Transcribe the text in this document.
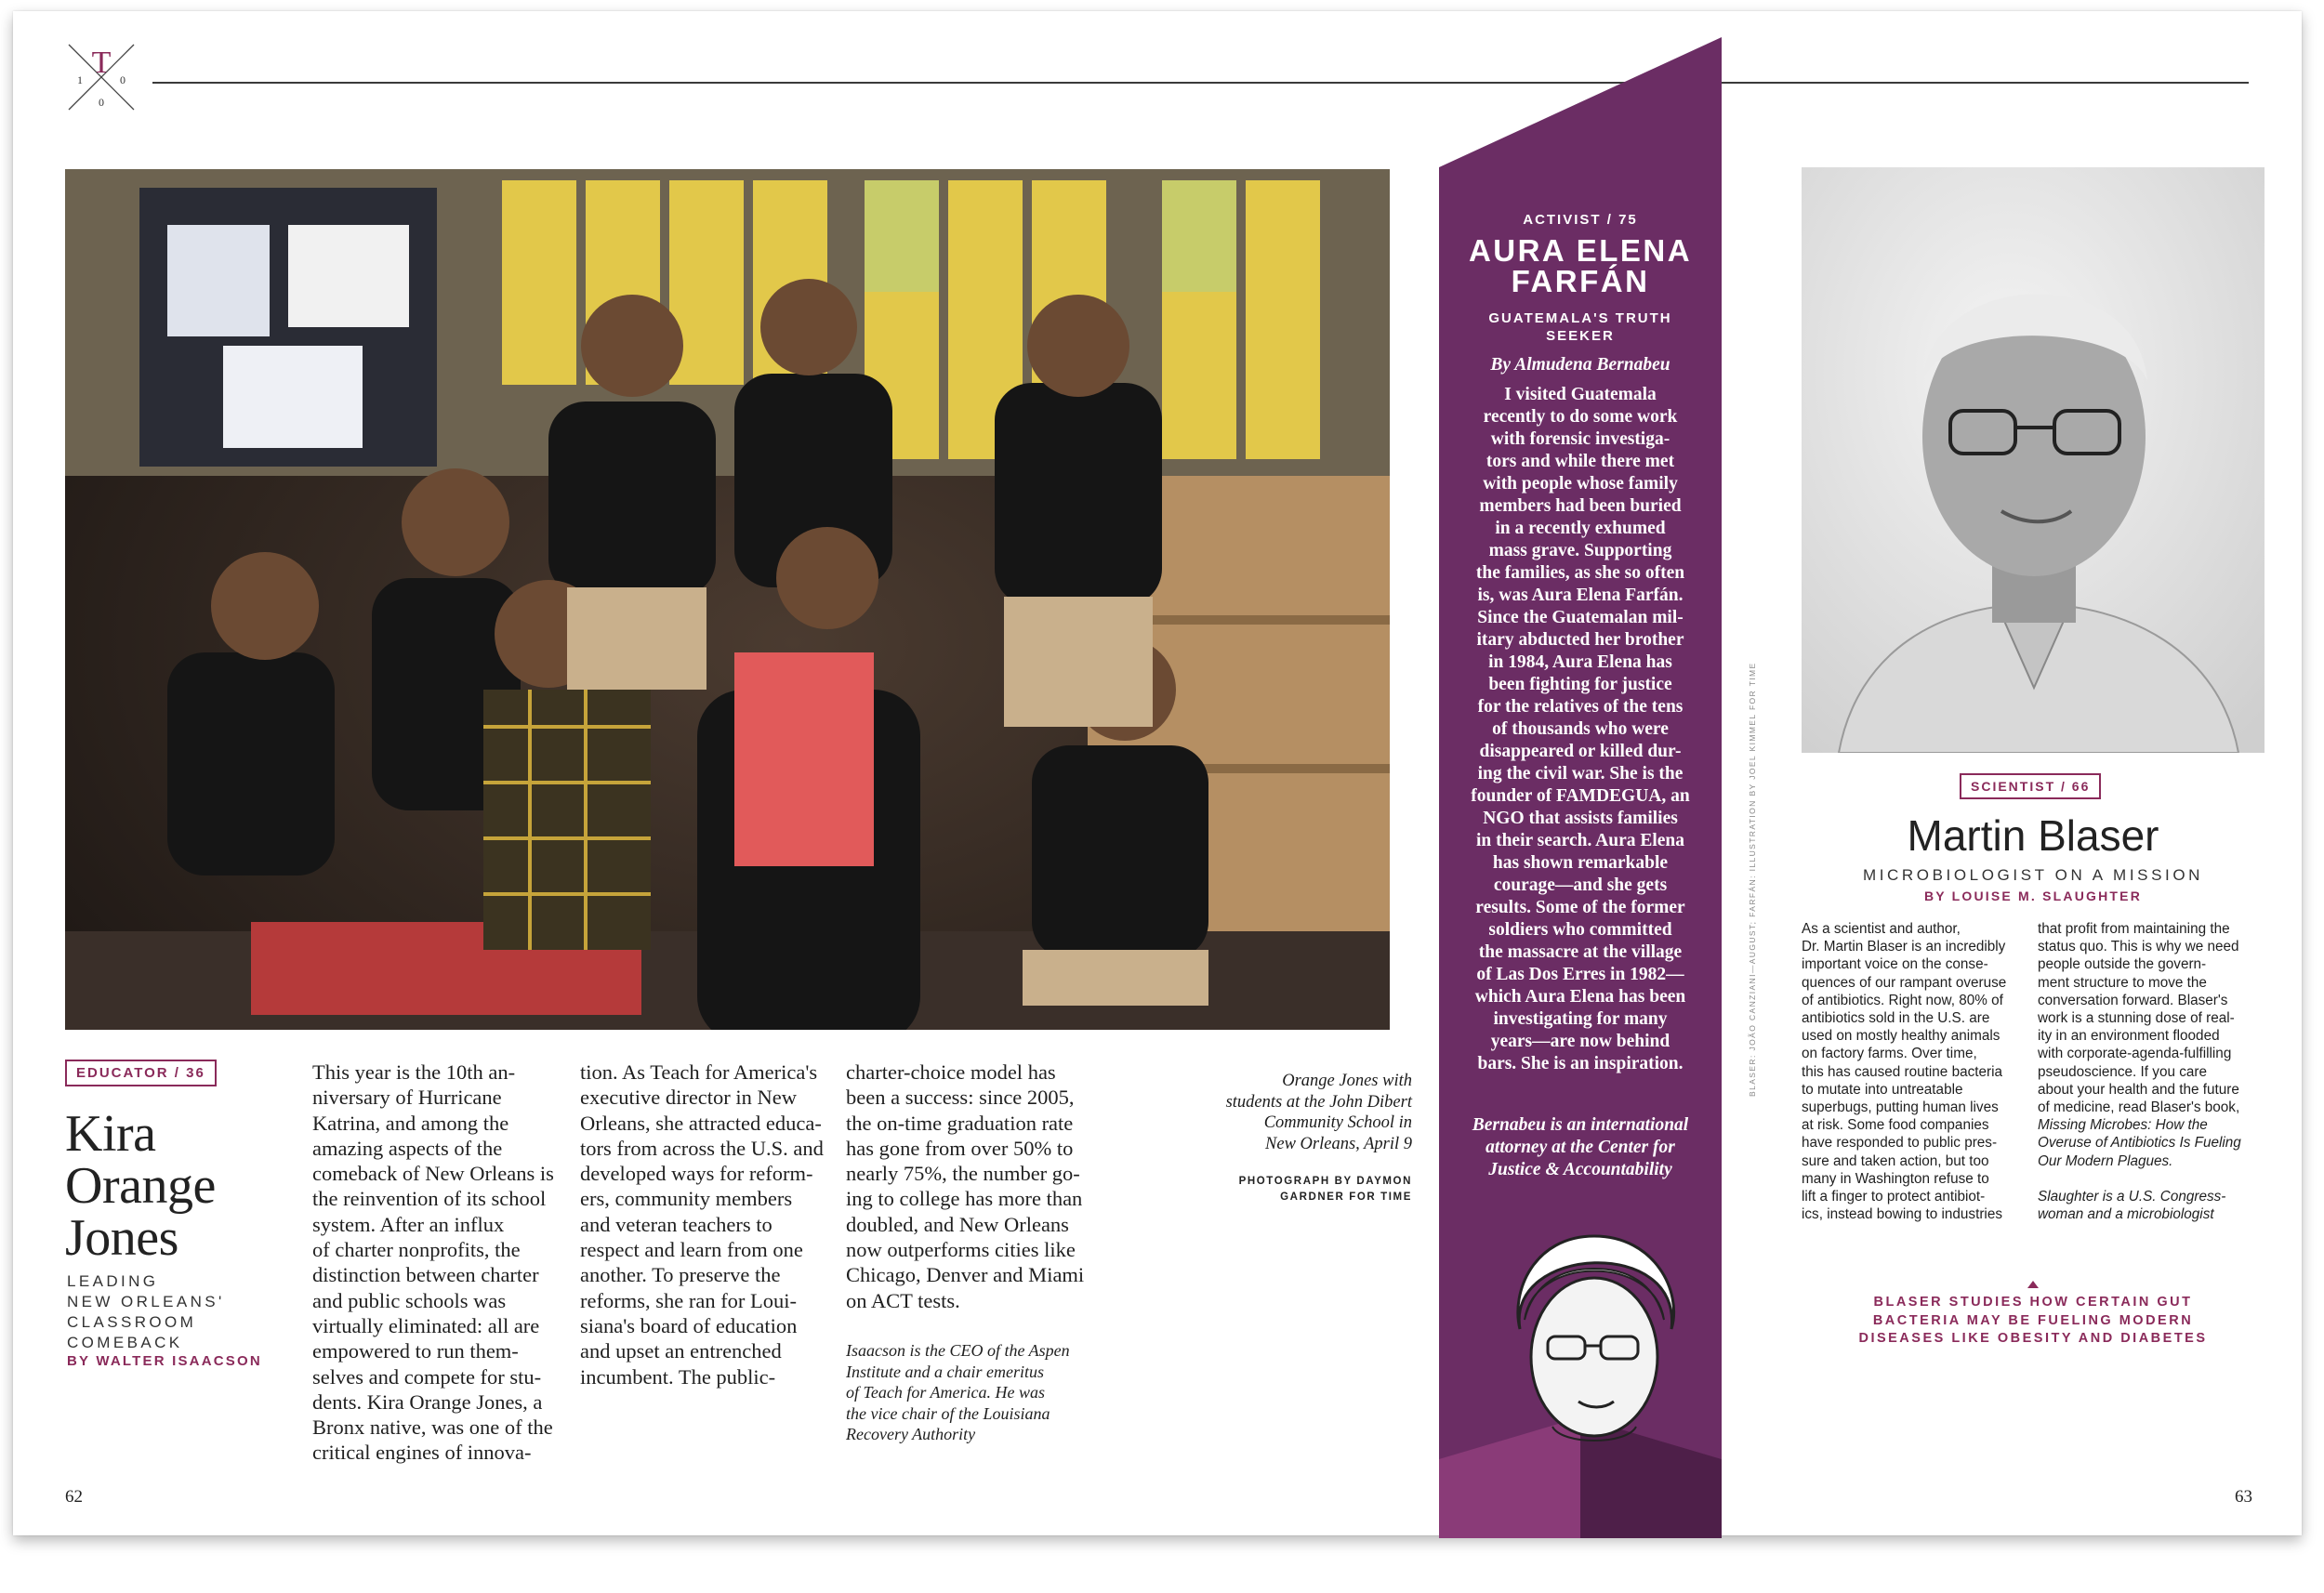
T
1	0
0
EDUCATOR / 36
Kira
Orange
Jones
LEADING
NEW ORLEANS'
CLASSROOM
COMEBACK
BY WALTER ISAACSON

This year is the 10th an-

niversary of Hurricane

Katrina, and among the

amazing aspects of the

comeback of New Orleans is

the reinvention of its school

system. After an influx

of charter nonprofits, the

distinction between charter

and public schools was

virtually eliminated: all are

empowered to run them-

selves and compete for stu-

dents. Kira Orange Jones, a

Bronx native, was one of the

critical engines of innova-

tion. As Teach for America's

executive director in New

Orleans, she attracted educa-

tors from across the U.S. and

developed ways for reform-

ers, community members

and veteran teachers to

respect and learn from one

another. To preserve the

reforms, she ran for Loui-

siana's board of education

and upset an entrenched

incumbent. The public-

charter-choice model has

been a success: since 2005,

the on-time graduation rate

has gone from over 50% to

nearly 75%, the number go-

ing to college has more than

doubled, and New Orleans

now outperforms cities like

Chicago, Denver and Miami

on ACT tests.

Isaacson is the CEO of the Aspen

Institute and a chair emeritus

of Teach for America. He was

the vice chair of the Louisiana

Recovery Authority

Orange Jones with
students at the John Dibert
Community School in
New Orleans, April 9
PHOTOGRAPH BY DAYMON
GARDNER FOR TIME
62
SCIENTIST / 66
Martin Blaser
MICROBIOLOGIST ON A MISSION
BY LOUISE M. SLAUGHTER

As a scientist and author,

Dr. Martin Blaser is an incredibly

important voice on the conse-

quences of our rampant overuse

of antibiotics. Right now, 80% of

antibiotics sold in the U.S. are

used on mostly healthy animals

on factory farms. Over time,

this has caused routine bacteria

to mutate into untreatable

superbugs, putting human lives

at risk. Some food companies

have responded to public pres-

sure and taken action, but too

many in Washington refuse to

lift a finger to protect antibiot-

ics, instead bowing to industries

that profit from maintaining the

status quo. This is why we need

people outside the govern-

ment structure to move the

conversation forward. Blaser's

work is a stunning dose of real-

ity in an environment flooded

with corporate-agenda-fulfilling

pseudoscience. If you care

about your health and the future

of medicine, read Blaser's book,

Missing Microbes: How the

Overuse of Antibiotics Is Fueling

Our Modern Plagues.

Slaughter is a U.S. Congress-

woman and a microbiologist

BLASER STUDIES HOW CERTAIN GUT
BACTERIA MAY BE FUELING MODERN
DISEASES LIKE OBESITY AND DIABETES
63
BLASER: JOÃO CANZIANI—AUGUST; FARFÁN: ILLUSTRATION BY JOEL KIMMEL FOR TIME
ACTIVIST / 75
AURA ELENA
FARFÁN
GUATEMALA'S TRUTH
SEEKER
By Almudena Bernabeu
I visited Guatemala
recently to do some work
with forensic investiga-
tors and while there met
with people whose family
members had been buried
in a recently exhumed
mass grave. Supporting
the families, as she so often
is, was Aura Elena Farfán.
Since the Guatemalan mil-
itary abducted her brother
in 1984, Aura Elena has
been fighting for justice
for the relatives of the tens
of thousands who were
disappeared or killed dur-
ing the civil war. She is the
founder of FAMDEGUA, an
NGO that assists families
in their search. Aura Elena
has shown remarkable
courage—and she gets
results. Some of the former
soldiers who committed
the massacre at the village
of Las Dos Erres in 1982—
which Aura Elena has been
investigating for many
years—are now behind
bars. She is an inspiration.
Bernabeu is an international
attorney at the Center for
Justice & Accountability
